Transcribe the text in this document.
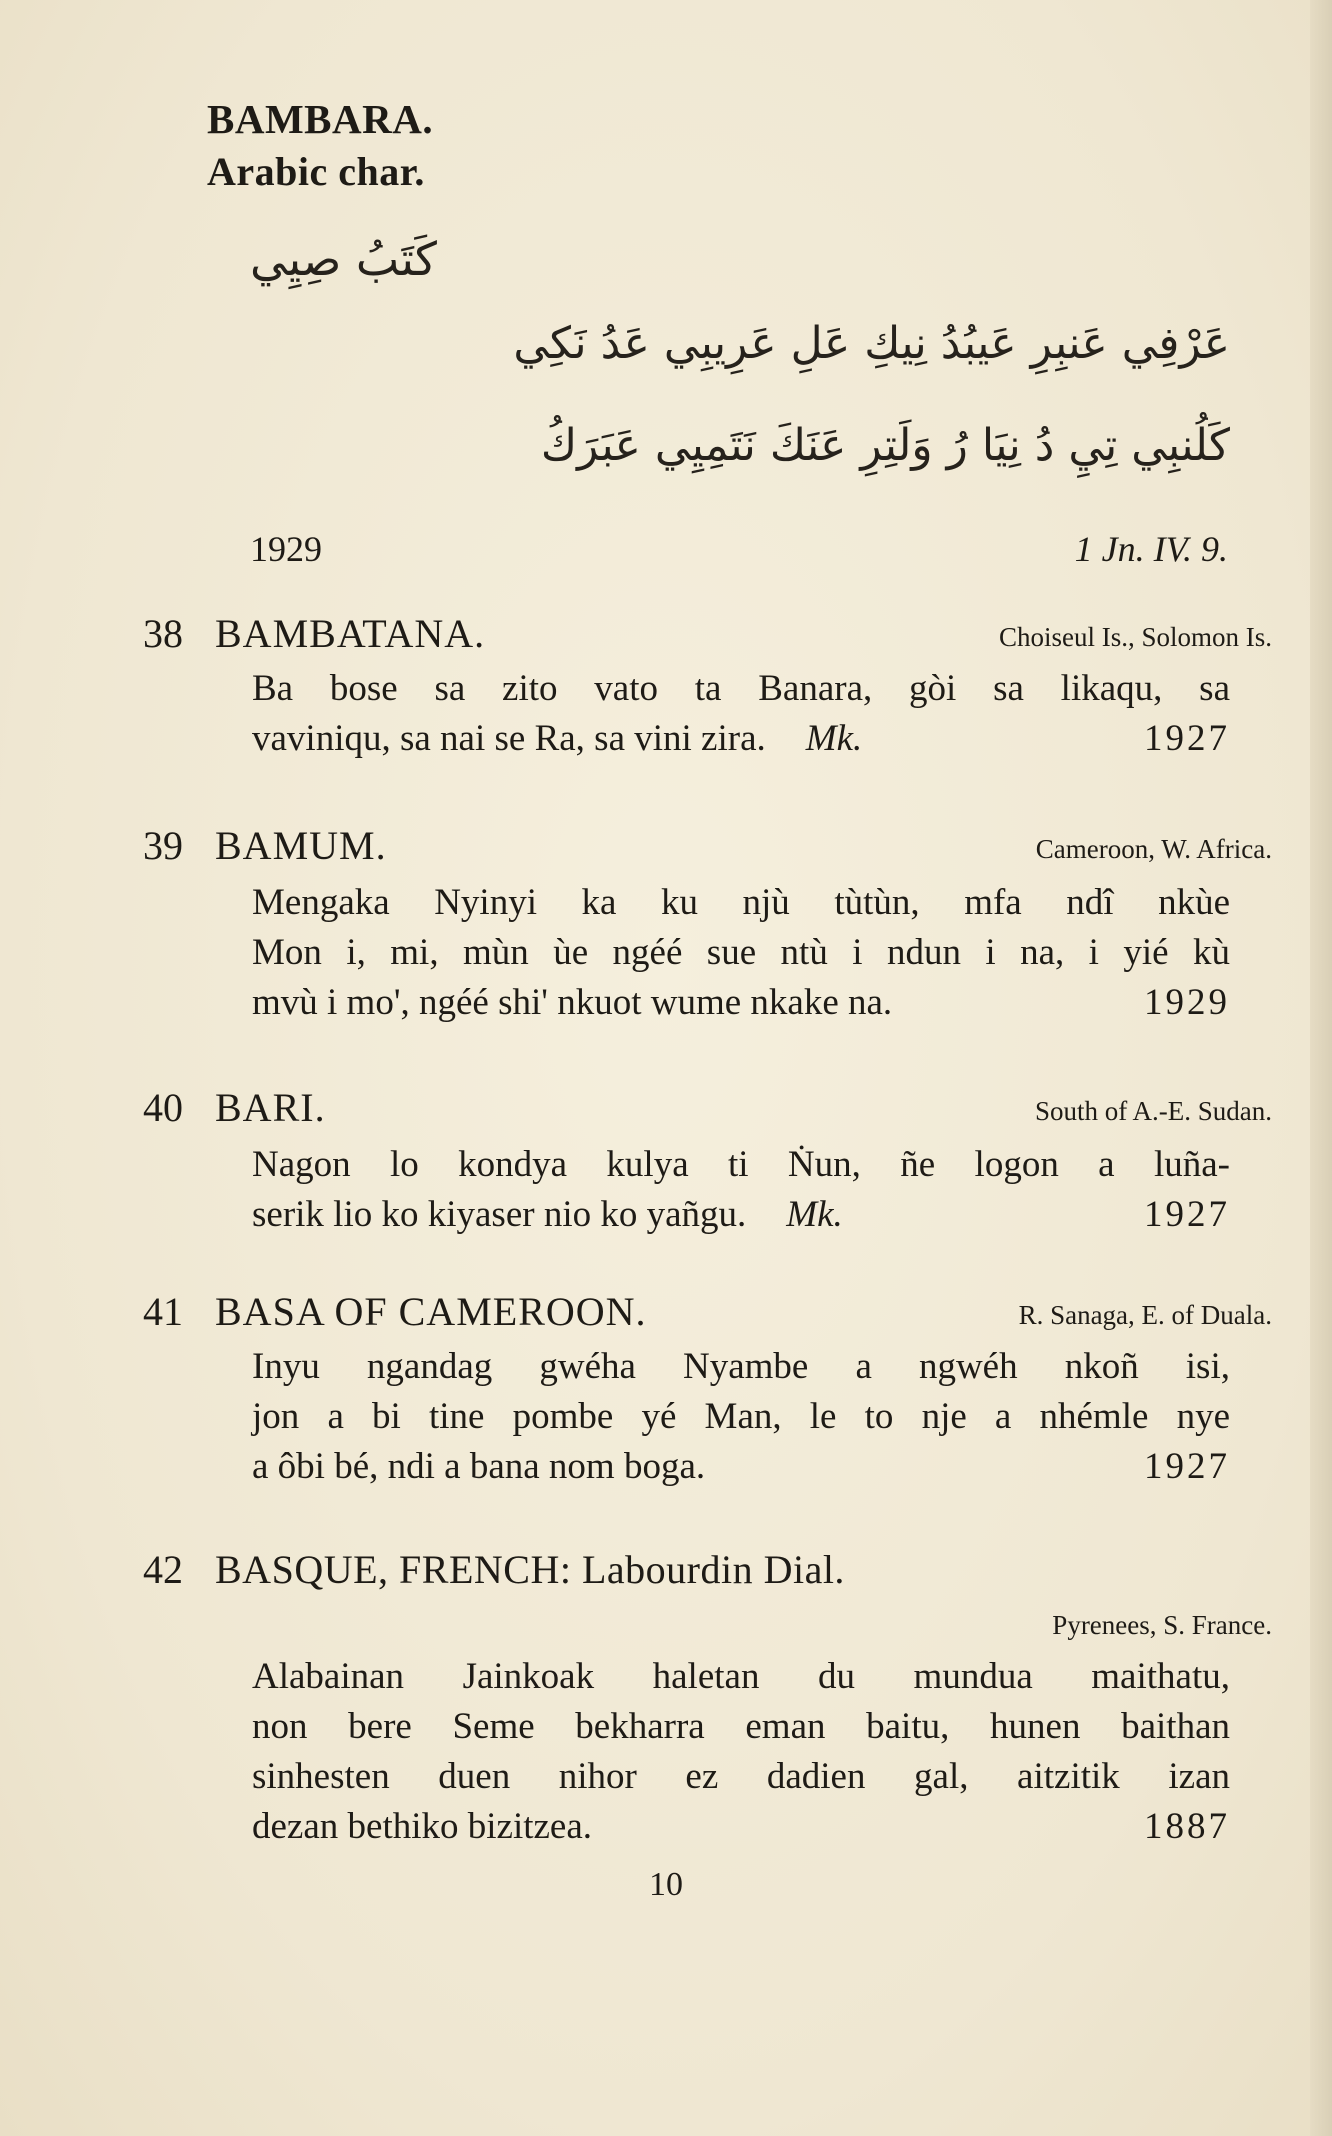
BAMBARA.
Arabic char.
كَتَبُ صِيِي
عَرْفِي عَنبِرِ عَيبُدُ نِيكِ عَلِ عَرِيبِي عَدُ نَكِي
كَلُنبِي تِيِ دُ نِيَا رُ وَلَتِرِ عَنَكَ نَتَمِيِي عَبَرَكُ
1929	1 Jn. IV. 9.
38 BAMBATANA.	Choiseul Is., Solomon Is.
Ba bose sa zito vato ta Banara, gòi sa likaqu, sa
vaviniqu, sa nai se Ra, sa vini zira. Mk.	1927
39 BAMUM.	Cameroon, W. Africa.
Mengaka Nyinyi ka ku njù tùtùn, mfa ndî nkùe
Mon i, mi, mùn ùe ngéé sue ntù i ndun i na, i yié kù
mvù i mo', ngéé shi' nkuot wume nkake na.	1929
40 BARI.	South of A.-E. Sudan.
Nagon lo kondya kulya ti Ṅun, ñe logon a luña-
serik lio ko kiyaser nio ko yañgu. Mk.	1927
41 BASA OF CAMEROON.	R. Sanaga, E. of Duala.
Inyu ngandag gwéha Nyambe a ngwéh nkoñ isi,
jon a bi tine pombe yé Man, le to nje a nhémle nye
a ôbi bé, ndi a bana nom boga.	1927
42 BASQUE, FRENCH: Labourdin Dial.
Pyrenees, S. France.
Alabainan Jainkoak haletan du mundua maithatu,
non bere Seme bekharra eman baitu, hunen baithan
sinhesten duen nihor ez dadien gal, aitzitik izan
dezan bethiko bizitzea.	1887
10
